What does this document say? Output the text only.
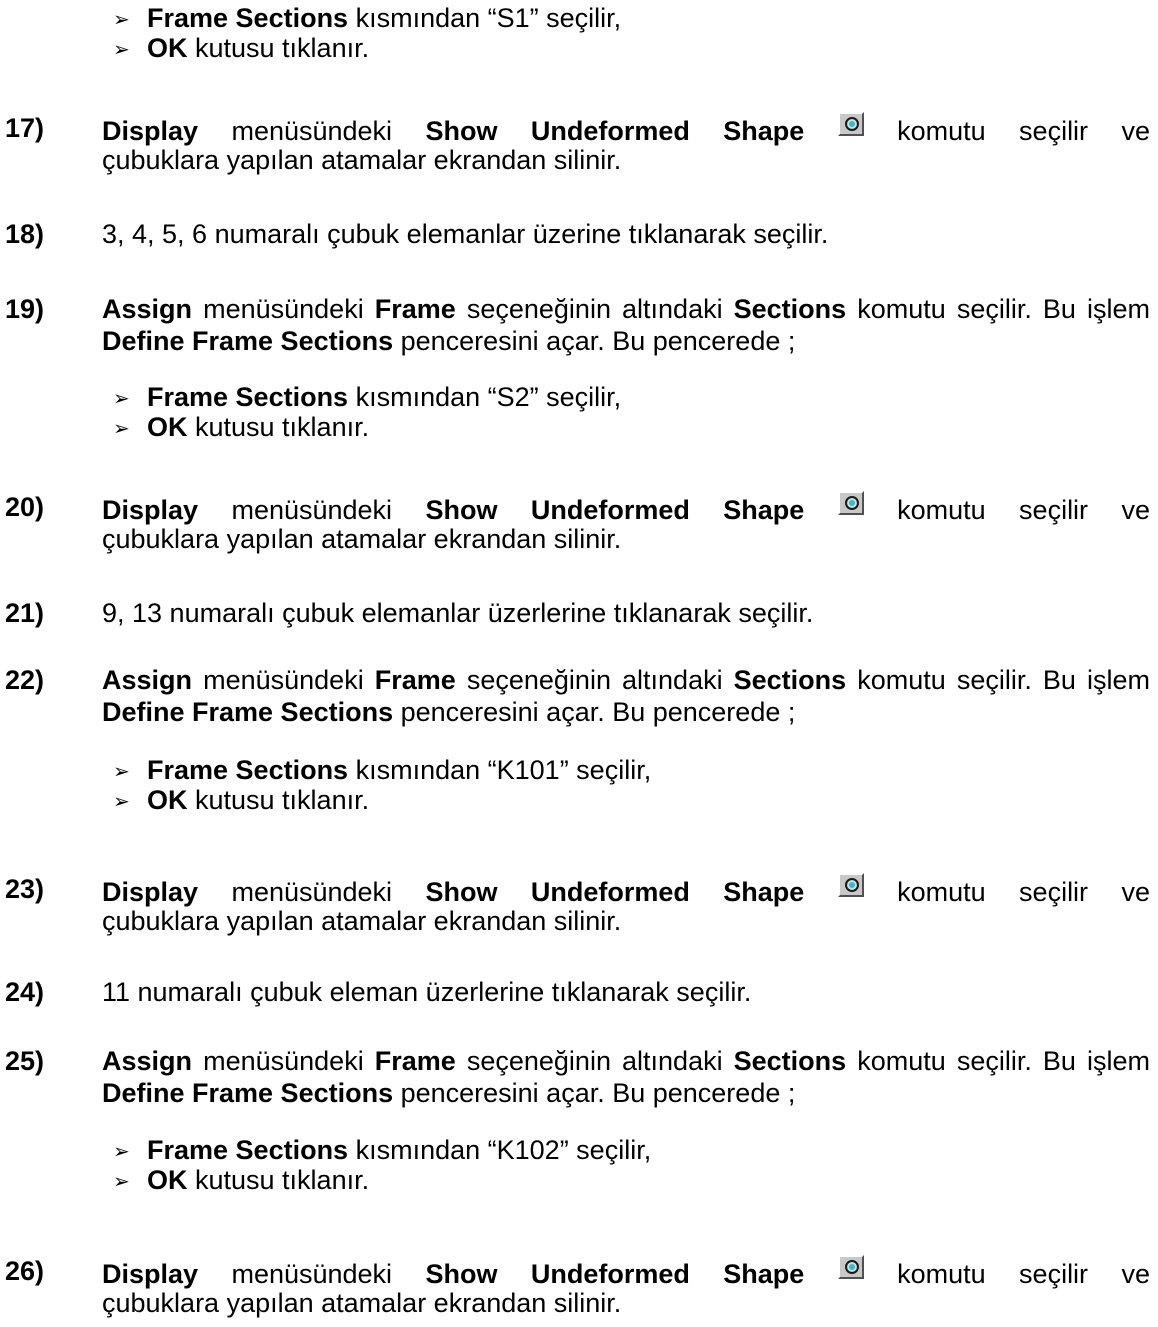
➢ Frame Sections kısmından “S1” seçilir,
➢ OK kutusu tıklanır.
17) Display menüsündeki Show Undeformed Shape  komutu seçilir ve
çubuklara yapılan atamalar ekrandan silinir.
18) 3, 4, 5, 6 numaralı çubuk elemanlar üzerine tıklanarak seçilir.
19) Assign menüsündeki Frame seçeneğinin altındaki Sections komutu seçilir. Bu işlem Define Frame Sections penceresini açar. Bu pencerede ;
➢ Frame Sections kısmından “S2” seçilir,
➢ OK kutusu tıklanır.
20) Display menüsündeki Show Undeformed Shape  komutu seçilir ve
çubuklara yapılan atamalar ekrandan silinir.
21) 9, 13 numaralı çubuk elemanlar üzerlerine tıklanarak seçilir.
22) Assign menüsündeki Frame seçeneğinin altındaki Sections komutu seçilir. Bu işlem Define Frame Sections penceresini açar. Bu pencerede ;
➢ Frame Sections kısmından “K101” seçilir,
➢ OK kutusu tıklanır.
23) Display menüsündeki Show Undeformed Shape  komutu seçilir ve
çubuklara yapılan atamalar ekrandan silinir.
24) 11 numaralı çubuk eleman üzerlerine tıklanarak seçilir.
25) Assign menüsündeki Frame seçeneğinin altındaki Sections komutu seçilir. Bu işlem Define Frame Sections penceresini açar. Bu pencerede ;
➢ Frame Sections kısmından “K102” seçilir,
➢ OK kutusu tıklanır.
26) Display menüsündeki Show Undeformed Shape  komutu seçilir ve
çubuklara yapılan atamalar ekrandan silinir.
